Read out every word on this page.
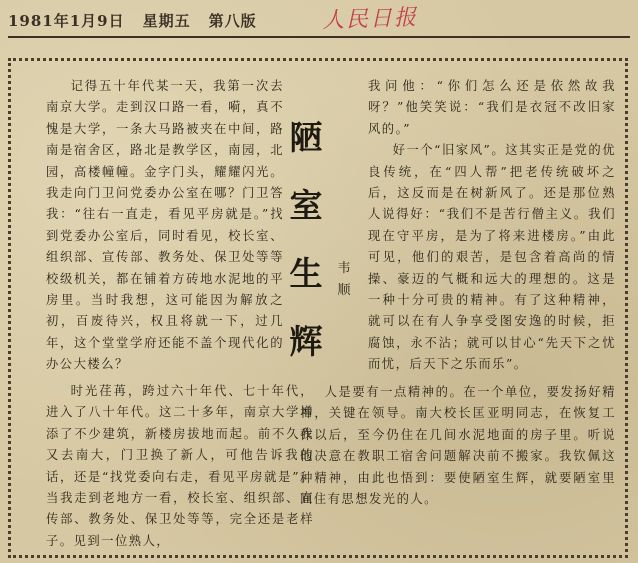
1981年1月9日 星期五 第八版	人民日报

记得五十年代某一天，我第一次去南京大学。走到汉口路一看，嗬，真不愧是大学，一条大马路被夹在中间，路南是宿舍区，路北是教学区，南园，北园，高楼幢幢。金字门头，耀耀闪光。我走向门卫问党委办公室在哪？门卫答我：“往右一直走，看见平房就是。”找到党委办公室后，同时看见，校长室、组织部、宣传部、教务处、保卫处等等校级机关，都在铺着方砖地水泥地的平房里。当时我想，这可能因为解放之初，百废待兴，权且将就一下，过几年，这个堂堂学府还能不盖个现代化的办公大楼么？

陋
室
生
辉
韦
顺

我问他：“你们怎么还是依然故我呀？”他笑笑说：“我们是衣冠不改旧家风的。”

好一个“旧家风”。这其实正是党的优良传统，在“四人帮”把老传统破坏之后，这反而是在树新风了。还是那位熟人说得好：“我们不是苦行僧主义。我们现在守平房，是为了将来进楼房。”由此可见，他们的艰苦，是包含着高尚的情操、豪迈的气概和远大的理想的。这是一种十分可贵的精神。有了这种精神，就可以在有人争享受图安逸的时候，拒腐蚀，永不沾；就可以甘心“先天下之忧而忧，后天下之乐而乐”。

时光荏苒，跨过六十年代、七十年代，进入了八十年代。这二十多年，南京大学增添了不少建筑，新楼房拔地而起。前不久我又去南大，门卫换了新人，可他告诉我的话，还是“找党委向右走，看见平房就是”。当我走到老地方一看，校长室、组织部、宣传部、教务处、保卫处等等，完全还是老样子。见到一位熟人，

人是要有一点精神的。在一个单位，要发扬好精神，关键在领导。南大校长匡亚明同志，在恢复工作以后，至今仍住在几间水泥地面的房子里。听说他决意在教职工宿舍问题解决前不搬家。我钦佩这种精神，由此也悟到：要使陋室生辉，就要陋室里面住有思想发光的人。
